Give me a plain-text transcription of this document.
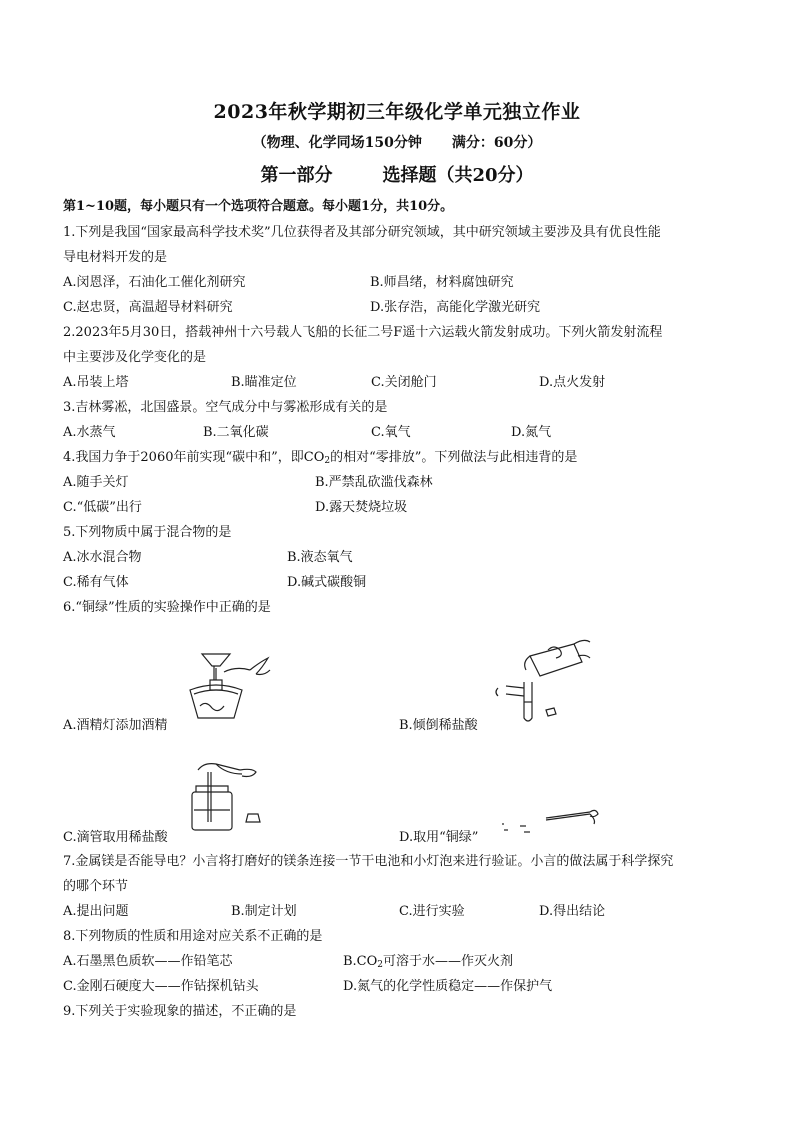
2023年秋学期初三年级化学单元独立作业
（物理、化学同场150分钟 满分：60分）
第一部分	选择题（共20分）
第1~10题，每小题只有一个选项符合题意。每小题1分，共10分。
1.下列是我国“国家最高科学技术奖”几位获得者及其部分研究领域，其中研究领域主要涉及具有优良性能
导电材料开发的是
A.闵恩泽，石油化工催化剂研究	B.师昌绪，材料腐蚀研究
C.赵忠贤，高温超导材料研究	D.张存浩，高能化学激光研究
2.2023年5月30日，搭载神州十六号载人飞船的长征二号F遥十六运载火箭发射成功。下列火箭发射流程
中主要涉及化学变化的是
A.吊装上塔	B.瞄准定位	C.关闭舱门	D.点火发射
3.吉林雾凇，北国盛景。空气成分中与雾凇形成有关的是
A.水蒸气	B.二氧化碳	C.氧气	D.氮气
4.我国力争于2060年前实现“碳中和”，即$CO_2$的相对“零排放”。下列做法与此相违背的是
A.随手关灯	B.严禁乱砍滥伐森林
C.“低碳”出行	D.露天焚烧垃圾
5.下列物质中属于混合物的是
A.冰水混合物	B.液态氧气
C.稀有气体	D.碱式碳酸铜
6.“铜绿”性质的实验操作中正确的是
A.酒精灯添加酒精	B.倾倒稀盐酸
C.滴管取用稀盐酸	D.取用“铜绿”
7.金属镁是否能导电？小言将打磨好的镁条连接一节干电池和小灯泡来进行验证。小言的做法属于科学探究
的哪个环节
A.提出问题	B.制定计划	C.进行实验	D.得出结论
8.下列物质的性质和用途对应关系不正确的是
A.石墨黑色质软——作铅笔芯	$B.CO_2$可溶于水——作灭火剂
C.金刚石硬度大——作钻探机钻头	D.氮气的化学性质稳定——作保护气
9.下列关于实验现象的描述，不正确的是
